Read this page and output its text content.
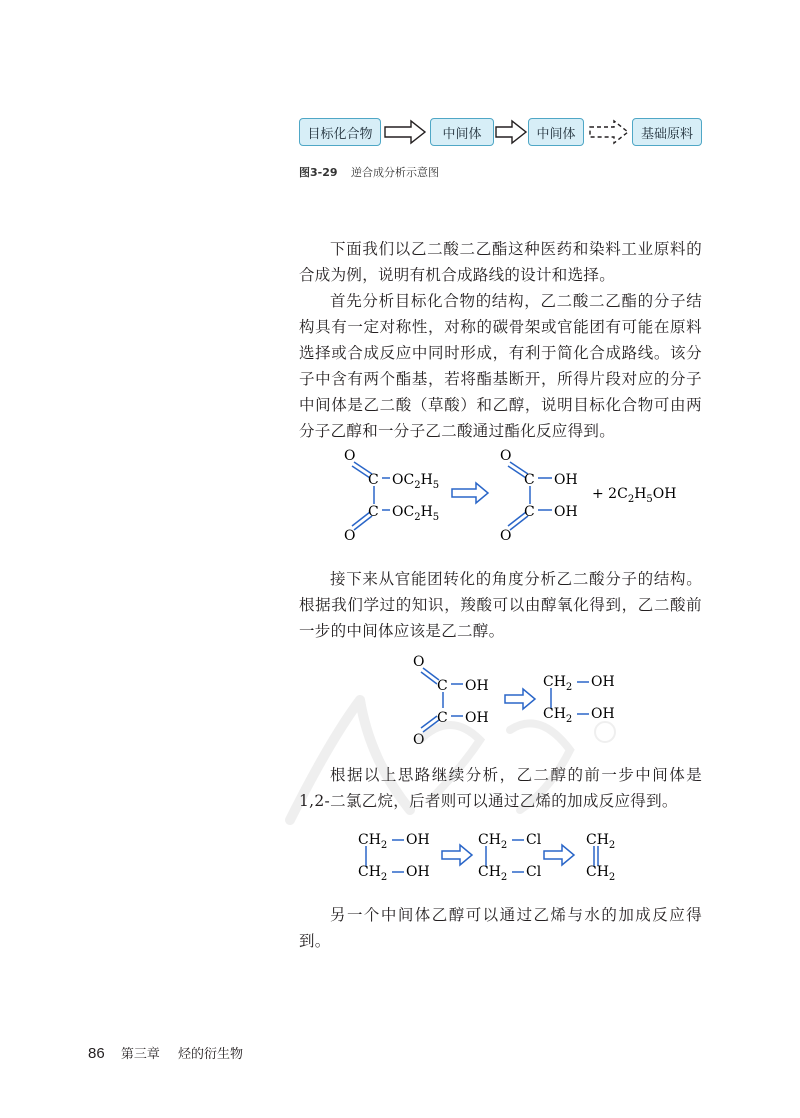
目标化合物	中间体	中间体	基础原料
图3-29 逆合成分析示意图
下面我们以乙二酸二乙酯这种医药和染料工业原料的合成为例，说明有机合成路线的设计和选择。
首先分析目标化合物的结构，乙二酸二乙酯的分子结构具有一定对称性，对称的碳骨架或官能团有可能在原料选择或合成反应中同时形成，有利于简化合成路线。该分子中含有两个酯基，若将酯基断开，所得片段对应的分子中间体是乙二酸（草酸）和乙醇，说明目标化合物可由两分子乙醇和一分子乙二酸通过酯化反应得到。
O
C $OC_2H_5$
C $OC_2H_5$
O
O
C OH
C OH
O
+ $2C_2H_5OH$
接下来从官能团转化的角度分析乙二酸分子的结构。根据我们学过的知识，羧酸可以由醇氧化得到，乙二酸前一步的中间体应该是乙二醇。
O
C OH
C OH
O
$CH_2$ OH
$CH_2$ OH
根据以上思路继续分析，乙二醇的前一步中间体是1,2-二氯乙烷，后者则可以通过乙烯的加成反应得到。
$CH_2$ OH
$CH_2$ OH
$CH_2$ Cl
$CH_2$ Cl
$CH_2$
$CH_2$
另一个中间体乙醇可以通过乙烯与水的加成反应得到。
86 第三章 烃的衍生物
